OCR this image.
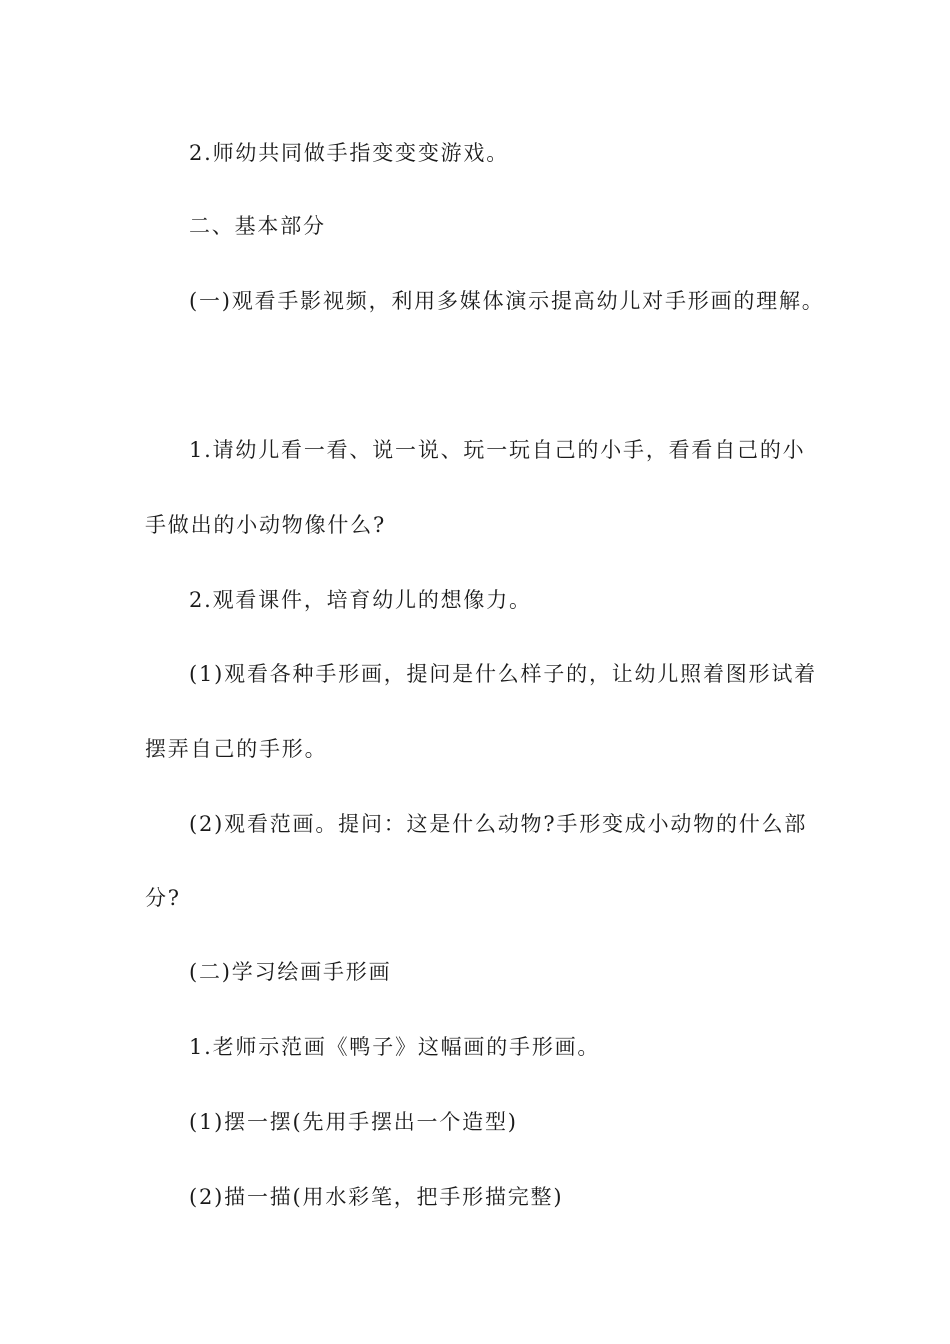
2.师幼共同做手指变变变游戏。
二、基本部分
(一)观看手影视频，利用多媒体演示提高幼儿对手形画的理解。
1.请幼儿看一看、说一说、玩一玩自己的小手，看看自己的小
手做出的小动物像什么?
2.观看课件，培育幼儿的想像力。
(1)观看各种手形画，提问是什么样子的，让幼儿照着图形试着
摆弄自己的手形。
(2)观看范画。提问：这是什么动物?手形变成小动物的什么部
分?
(二)学习绘画手形画
1.老师示范画《鸭子》这幅画的手形画。
(1)摆一摆(先用手摆出一个造型)
(2)描一描(用水彩笔，把手形描完整)
